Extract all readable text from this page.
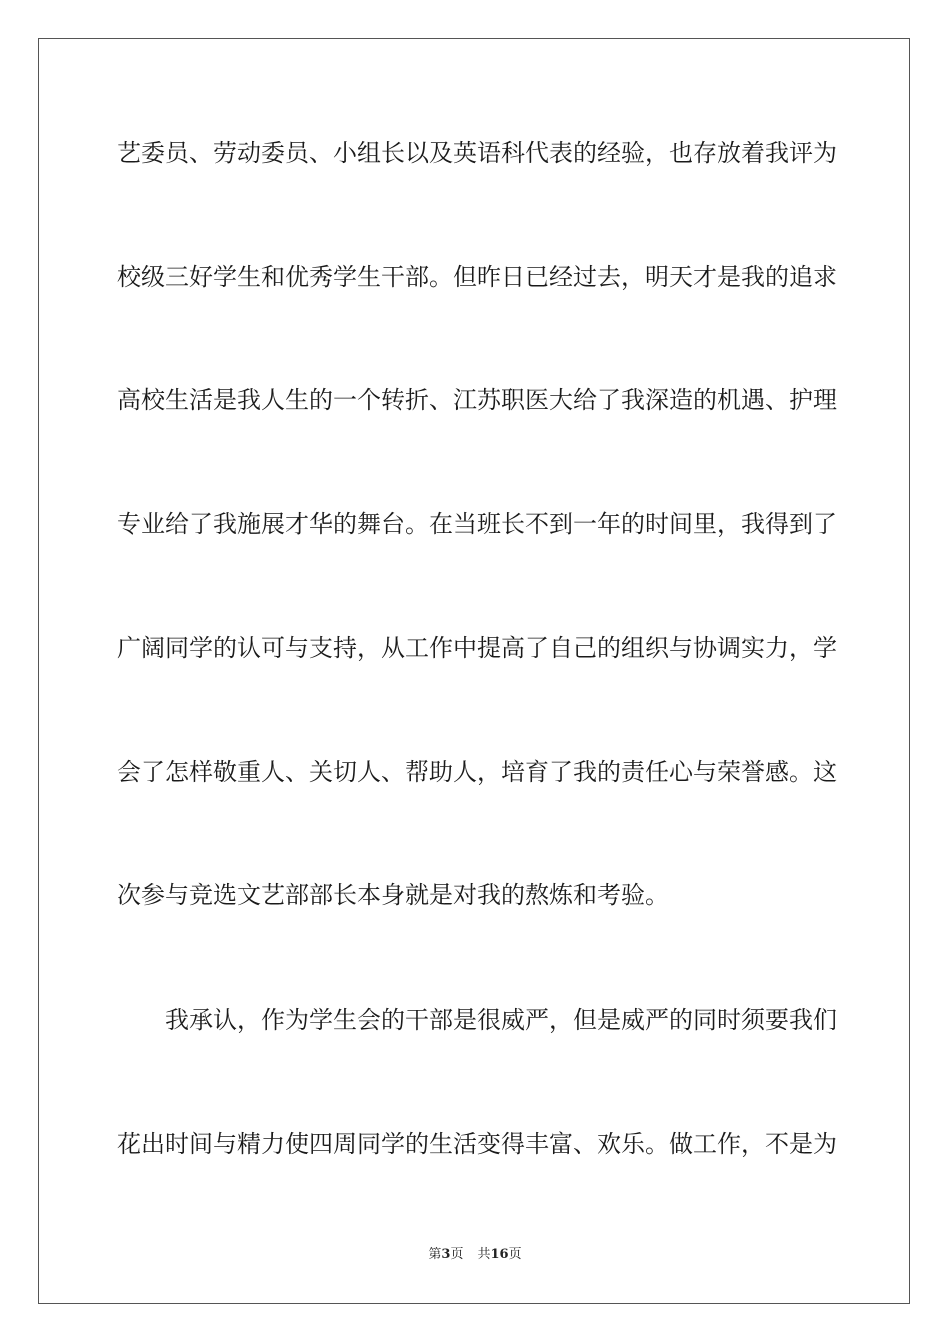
艺委员、劳动委员、小组长以及英语科代表的经验，也存放着我评为

校级三好学生和优秀学生干部。但昨日已经过去，明天才是我的追求

高校生活是我人生的一个转折、江苏职医大给了我深造的机遇、护理

专业给了我施展才华的舞台。在当班长不到一年的时间里，我得到了

广阔同学的认可与支持，从工作中提高了自己的组织与协调实力，学

会了怎样敬重人、关切人、帮助人，培育了我的责任心与荣誉感。这

次参与竞选文艺部部长本身就是对我的熬炼和考验。

我承认，作为学生会的干部是很威严，但是威严的同时须要我们

花出时间与精力使四周同学的生活变得丰富、欢乐。做工作，不是为

第3页 共16页
